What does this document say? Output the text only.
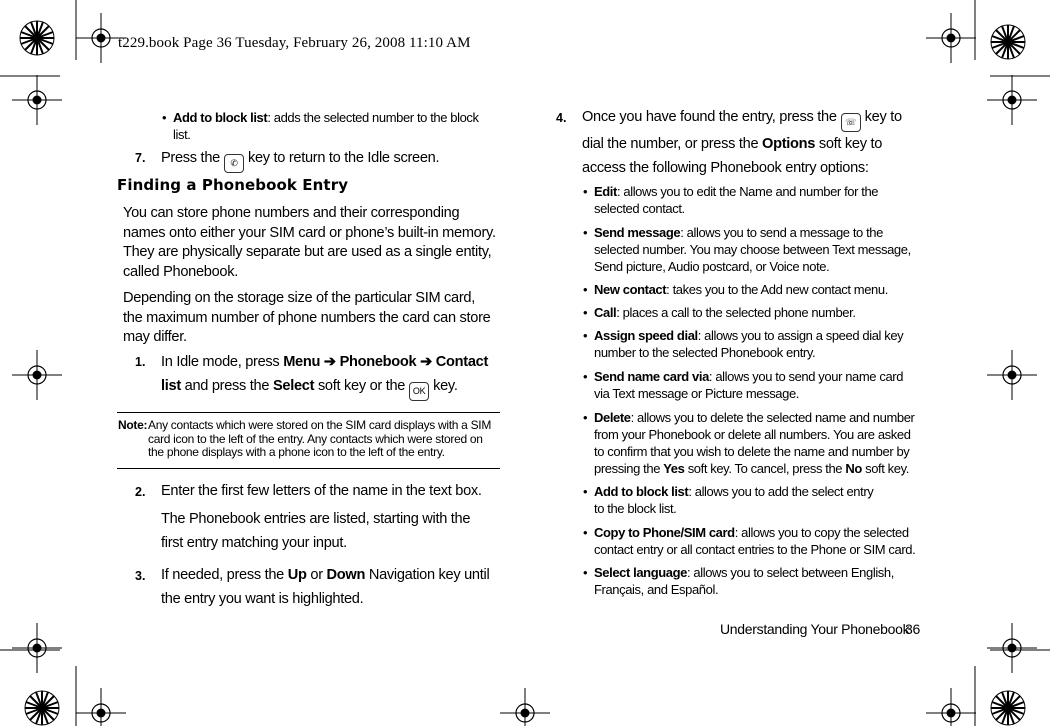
t229.book Page 36 Tuesday, February 26, 2008 11:10 AM
• Add to block list: adds the selected number to the block list.
7. Press the ✆ key to return to the Idle screen.
Finding a Phonebook Entry
You can store phone numbers and their corresponding names onto either your SIM card or phone’s built-in memory. They are physically separate but are used as a single entity, called Phonebook.
Depending on the storage size of the particular SIM card, the maximum number of phone numbers the card can store may differ.
1. In Idle mode, press Menu ➔ Phonebook ➔ Contact list and press the Select soft key or the OK key.
Note: Any contacts which were stored on the SIM card displays with a SIM card icon to the left of the entry. Any contacts which were stored on the phone displays with a phone icon to the left of the entry.
2. Enter the first few letters of the name in the text box.
The Phonebook entries are listed, starting with the first entry matching your input.
3. If needed, press the Up or Down Navigation key until the entry you want is highlighted.
4. Once you have found the entry, press the ☏ key to dial the number, or press the Options soft key to access the following Phonebook entry options:
• Edit: allows you to edit the Name and number for the selected contact.
• Send message: allows you to send a message to the selected number. You may choose between Text message, Send picture, Audio postcard, or Voice note.
• New contact: takes you to the Add new contact menu.
• Call: places a call to the selected phone number.
• Assign speed dial: allows you to assign a speed dial key number to the selected Phonebook entry.
• Send name card via: allows you to send your name card via Text message or Picture message.
• Delete: allows you to delete the selected name and number from your Phonebook or delete all numbers. You are asked to confirm that you wish to delete the name and number by pressing the Yes soft key. To cancel, press the No soft key.
• Add to block list: allows you to add the select entry to the block list.
• Copy to Phone/SIM card: allows you to copy the selected contact entry or all contact entries to the Phone or SIM card.
• Select language: allows you to select between English, Français, and Español.
Understanding Your Phonebook
36
